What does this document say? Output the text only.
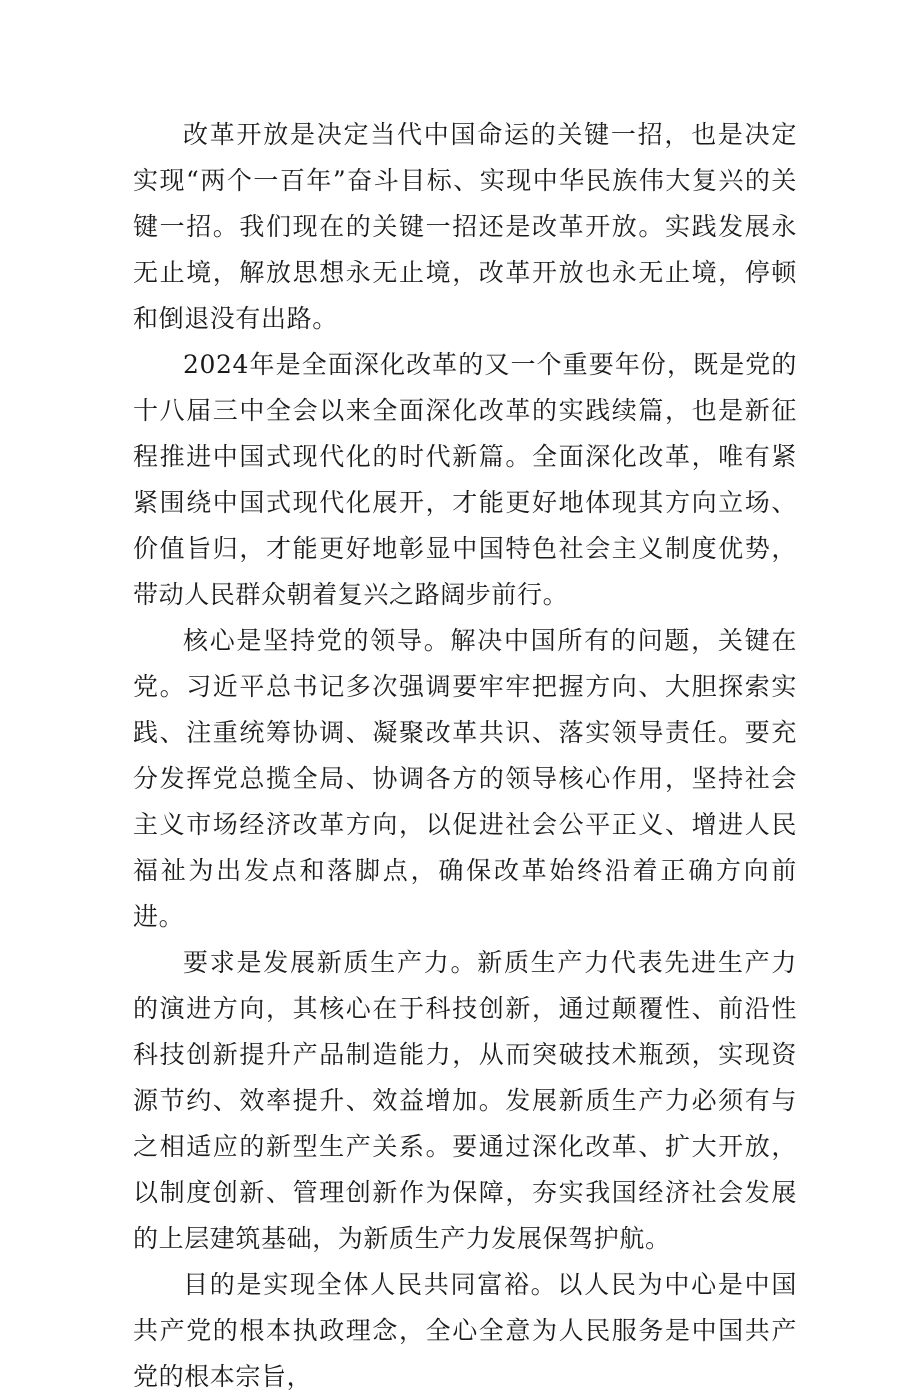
改革开放是决定当代中国命运的关键一招，也是决定实现“两个一百年”奋斗目标、实现中华民族伟大复兴的关键一招。我们现在的关键一招还是改革开放。实践发展永无止境，解放思想永无止境，改革开放也永无止境，停顿和倒退没有出路。

2024年是全面深化改革的又一个重要年份，既是党的十八届三中全会以来全面深化改革的实践续篇，也是新征程推进中国式现代化的时代新篇。全面深化改革，唯有紧紧围绕中国式现代化展开，才能更好地体现其方向立场、价值旨归，才能更好地彰显中国特色社会主义制度优势，带动人民群众朝着复兴之路阔步前行。

核心是坚持党的领导。解决中国所有的问题，关键在党。习近平总书记多次强调要牢牢把握方向、大胆探索实践、注重统筹协调、凝聚改革共识、落实领导责任。要充分发挥党总揽全局、协调各方的领导核心作用，坚持社会主义市场经济改革方向，以促进社会公平正义、增进人民福祉为出发点和落脚点，确保改革始终沿着正确方向前进。

要求是发展新质生产力。新质生产力代表先进生产力的演进方向，其核心在于科技创新，通过颠覆性、前沿性科技创新提升产品制造能力，从而突破技术瓶颈，实现资源节约、效率提升、效益增加。发展新质生产力必须有与之相适应的新型生产关系。要通过深化改革、扩大开放，以制度创新、管理创新作为保障，夯实我国经济社会发展的上层建筑基础，为新质生产力发展保驾护航。

目的是实现全体人民共同富裕。以人民为中心是中国共产党的根本执政理念，全心全意为人民服务是中国共产党的根本宗旨，
